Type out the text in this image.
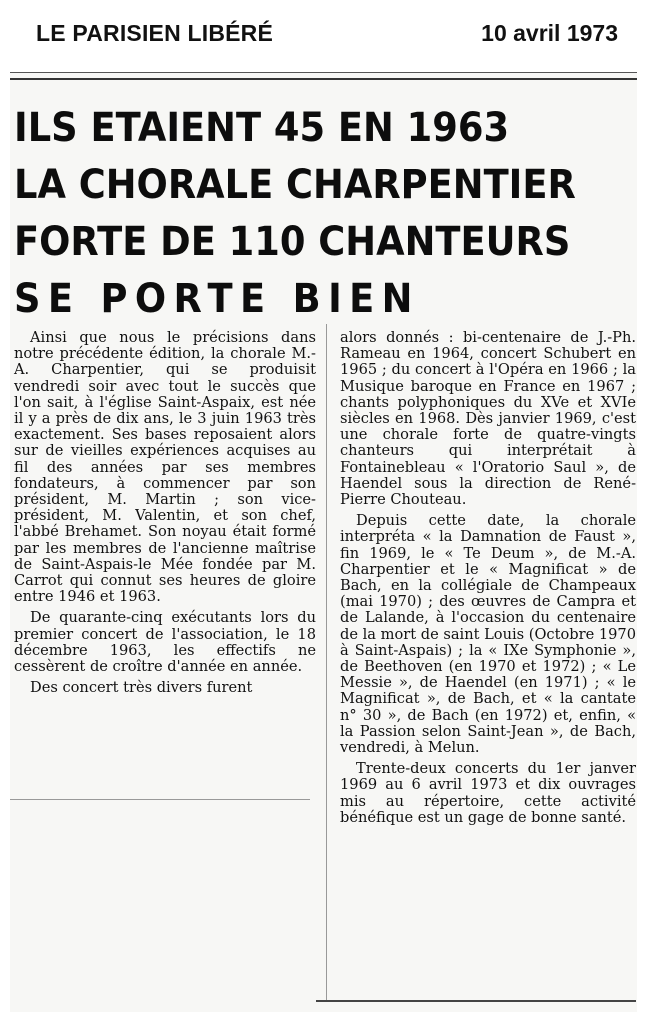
LE PARISIEN LIBÉRÉ	10 avril 1973
ILS ETAIENT 45 EN 1963
LA CHORALE CHARPENTIER
FORTE DE 110 CHANTEURS
SE PORTE BIEN

Ainsi que nous le précisions dans notre précédente édition, la chorale M.-A. Charpentier, qui se produisit vendredi soir avec tout le succès que l'on sait, à l'église Saint-Aspaix, est née il y a près de dix ans, le 3 juin 1963 très exactement. Ses bases reposaient alors sur de vieilles expériences acquises au fil des années par ses membres fondateurs, à commencer par son président, M. Martin ; son vice-président, M. Valentin, et son chef, l'abbé Brehamet. Son noyau était formé par les membres de l'ancienne maîtrise de Saint-Aspais-le Mée fondée par M. Carrot qui connut ses heures de gloire entre 1946 et 1963.

De quarante-cinq exécutants lors du premier concert de l'association, le 18 décembre 1963, les effectifs ne cessèrent de croître d'année en année.

Des concert très divers furent

alors donnés : bi-centenaire de J.-Ph. Rameau en 1964, concert Schubert en 1965 ; du concert à l'Opéra en 1966 ; la Musique baroque en France en 1967 ; chants polyphoniques du XVe et XVIe siècles en 1968. Dès janvier 1969, c'est une chorale forte de quatre-vingts chanteurs qui interprétait à Fontainebleau « l'Oratorio Saul », de Haendel sous la direction de René-Pierre Chouteau.

Depuis cette date, la chorale interpréta « la Damnation de Faust », fin 1969, le « Te Deum », de M.-A. Charpentier et le « Magnificat » de Bach, en la collégiale de Champeaux (mai 1970) ; des œuvres de Campra et de Lalande, à l'occasion du centenaire de la mort de saint Louis (Octobre 1970 à Saint-Aspais) ; la « IXe Symphonie », de Beethoven (en 1970 et 1972) ; « Le Messie », de Haendel (en 1971) ; « le Magnificat », de Bach, et « la cantate n° 30 », de Bach (en 1972) et, enfin, « la Passion selon Saint-Jean », de Bach, vendredi, à Melun.

Trente-deux concerts du 1er janver 1969 au 6 avril 1973 et dix ouvrages mis au répertoire, cette activité bénéfique est un gage de bonne santé.
